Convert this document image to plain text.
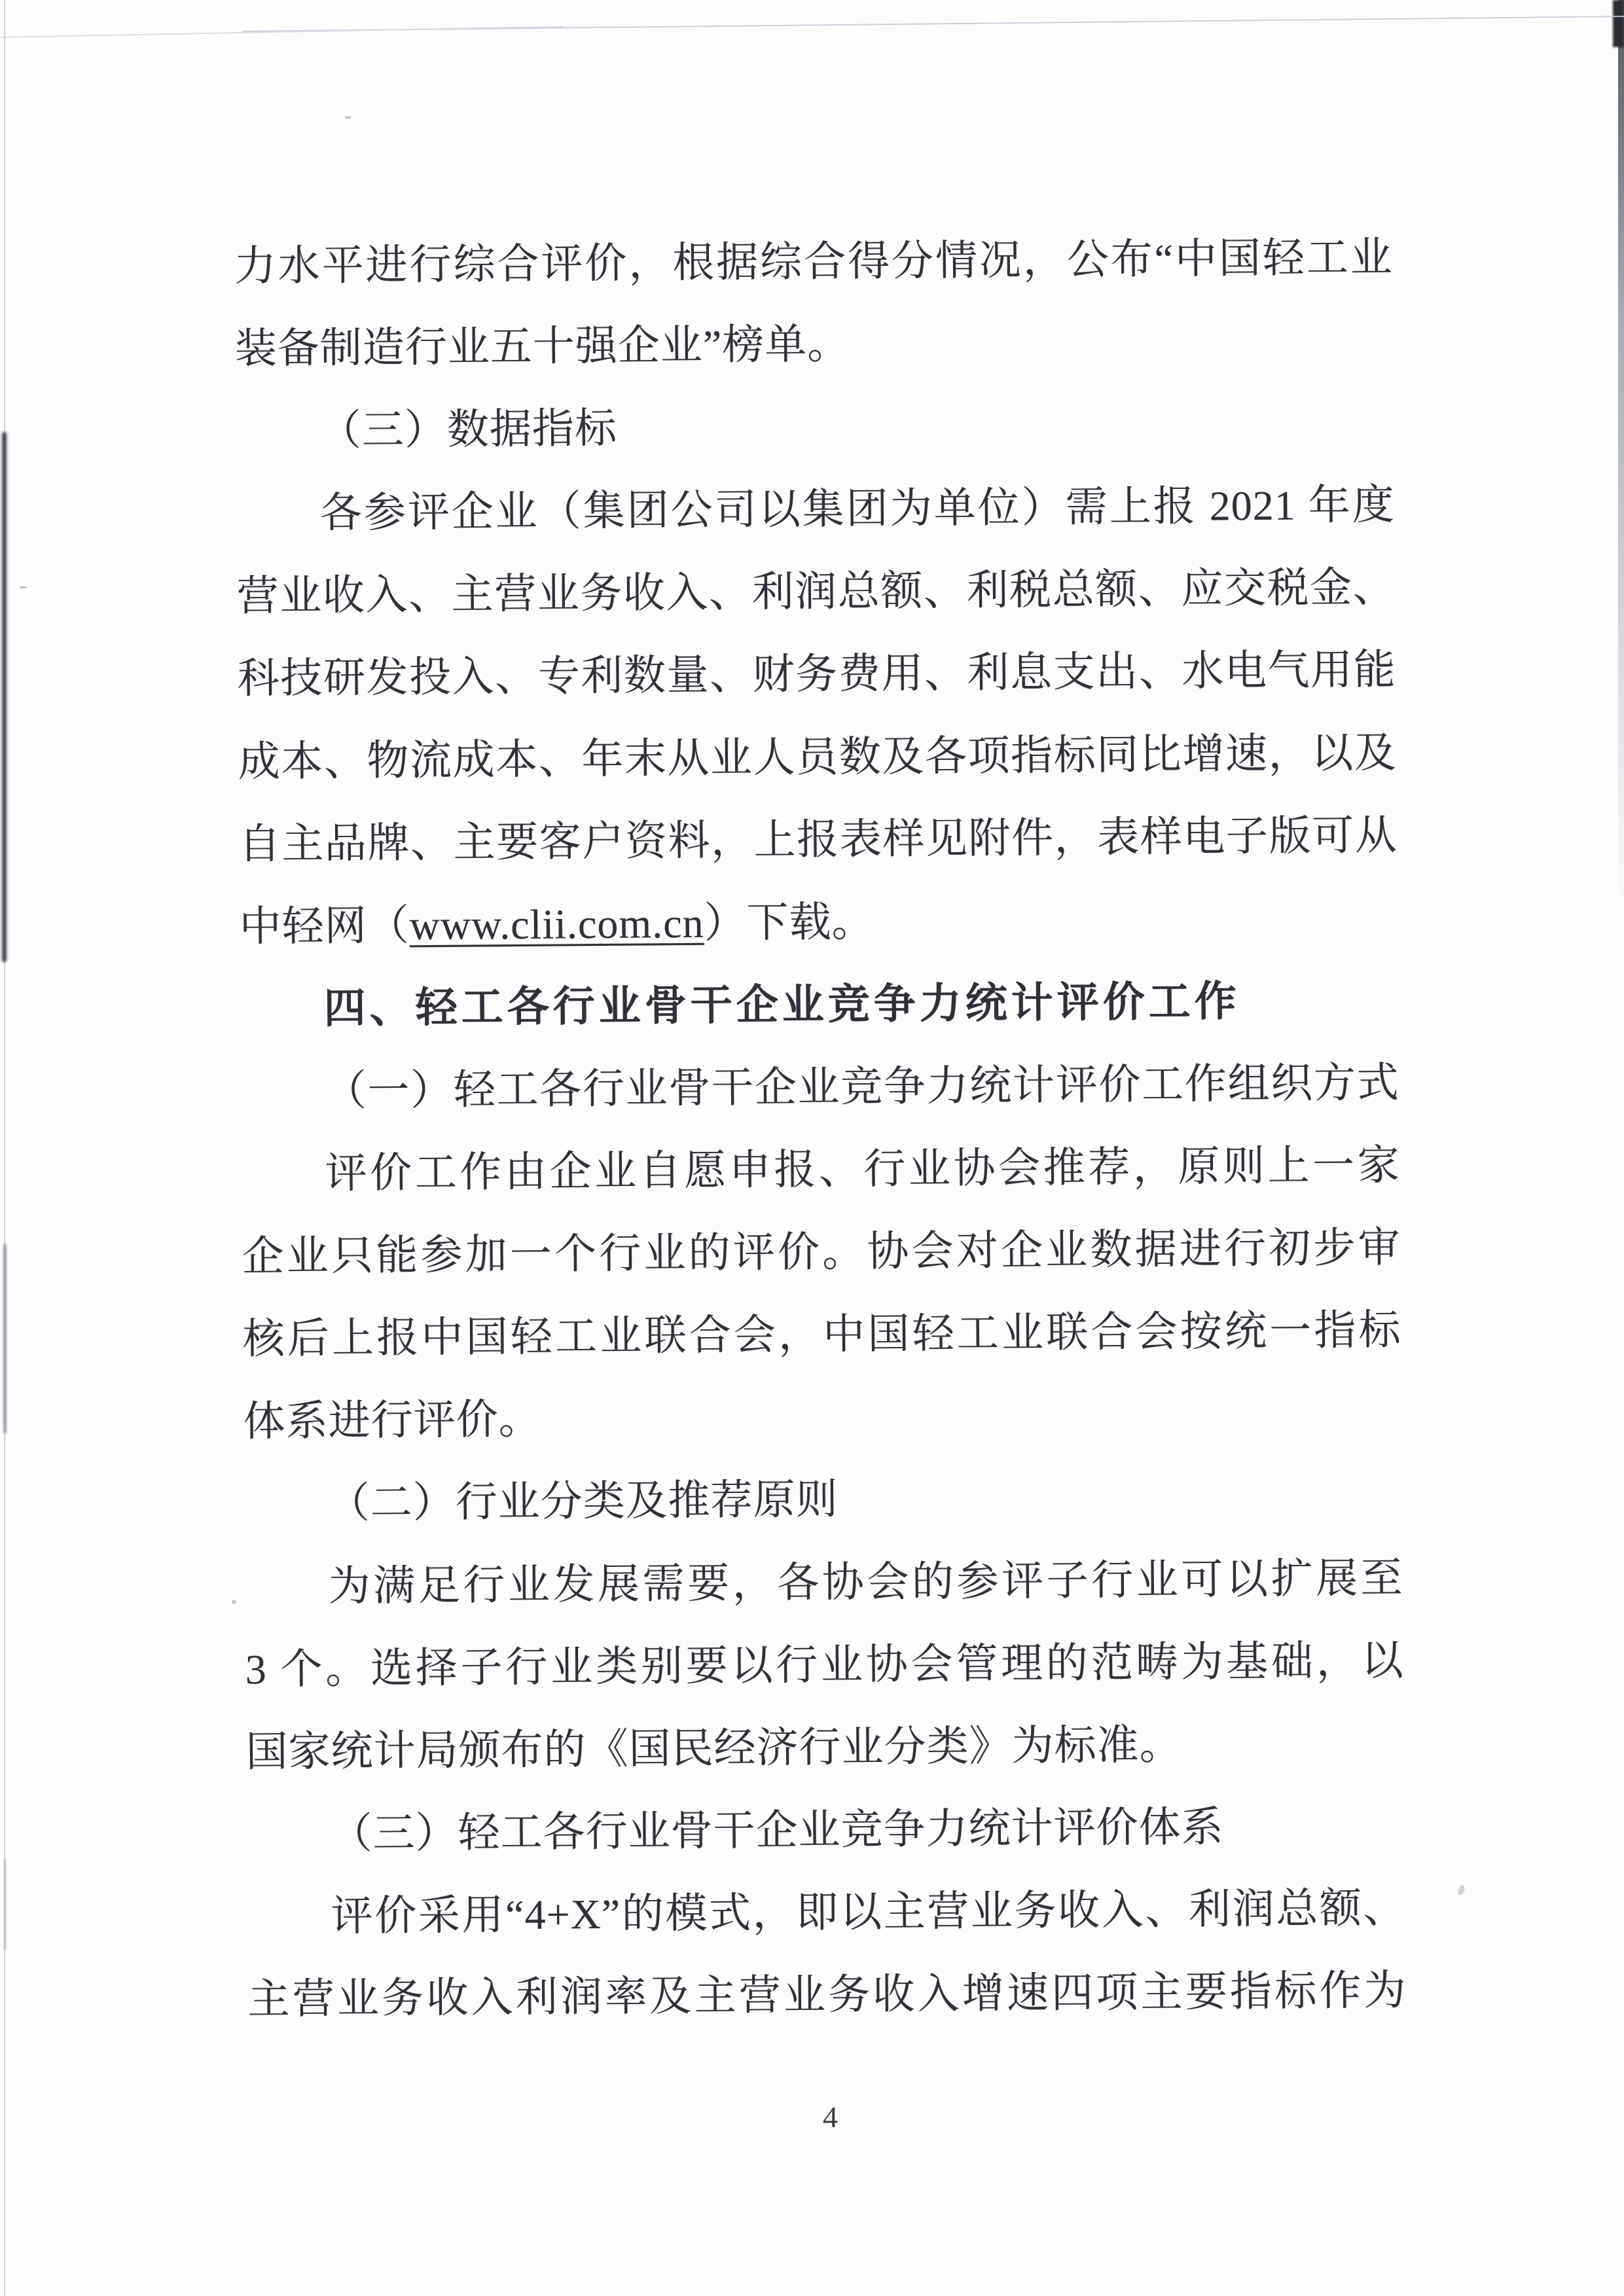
力水平进行综合评价，根据综合得分情况，公布“中国轻工业
装备制造行业五十强企业”榜单。
（三）数据指标
各参评企业（集团公司以集团为单位）需上报 2021 年度
营业收入、主营业务收入、利润总额、利税总额、应交税金、
科技研发投入、专利数量、财务费用、利息支出、水电气用能
成本、物流成本、年末从业人员数及各项指标同比增速，以及
自主品牌、主要客户资料，上报表样见附件，表样电子版可从
中轻网（www.clii.com.cn）下载。
四、轻工各行业骨干企业竞争力统计评价工作
（一）轻工各行业骨干企业竞争力统计评价工作组织方式
评价工作由企业自愿申报、行业协会推荐，原则上一家
企业只能参加一个行业的评价。协会对企业数据进行初步审
核后上报中国轻工业联合会，中国轻工业联合会按统一指标
体系进行评价。
（二）行业分类及推荐原则
为满足行业发展需要，各协会的参评子行业可以扩展至
3 个。选择子行业类别要以行业协会管理的范畴为基础，以
国家统计局颁布的《国民经济行业分类》为标准。
（三）轻工各行业骨干企业竞争力统计评价体系
评价采用“4+X”的模式，即以主营业务收入、利润总额、
主营业务收入利润率及主营业务收入增速四项主要指标作为
4
